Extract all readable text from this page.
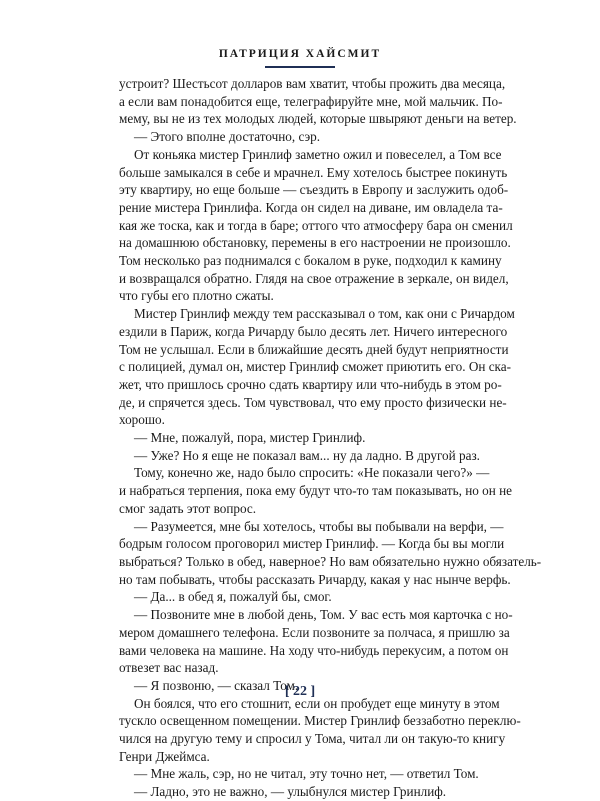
ПАТРИЦИЯ ХАЙСМИТ
устроит? Шестьсот долларов вам хватит, чтобы прожить два месяца,
а если вам понадобится еще, телеграфируйте мне, мой мальчик. По-
мему, вы не из тех молодых людей, которые швыряют деньги на ветер.
— Этого вполне достаточно, сэр.
От коньяка мистер Гринлиф заметно ожил и повеселел, а Том все
больше замыкался в себе и мрачнел. Ему хотелось быстрее покинуть
эту квартиру, но еще больше — съездить в Европу и заслужить одоб-
рение мистера Гринлифа. Когда он сидел на диване, им овладела та-
кая же тоска, как и тогда в баре; оттого что атмосферу бара он сменил
на домашнюю обстановку, перемены в его настроении не произошло.
Том несколько раз поднимался с бокалом в руке, подходил к камину
и возвращался обратно. Глядя на свое отражение в зеркале, он видел,
что губы его плотно сжаты.
Мистер Гринлиф между тем рассказывал о том, как они с Ричардом
ездили в Париж, когда Ричарду было десять лет. Ничего интересного
Том не услышал. Если в ближайшие десять дней будут неприятности
с полицией, думал он, мистер Гринлиф сможет приютить его. Он ска-
жет, что пришлось срочно сдать квартиру или что-нибудь в этом ро-
де, и спрячется здесь. Том чувствовал, что ему просто физически не-
хорошо.
— Мне, пожалуй, пора, мистер Гринлиф.
— Уже? Но я еще не показал вам... ну да ладно. В другой раз.
Тому, конечно же, надо было спросить: «Не показали чего?» —
и набраться терпения, пока ему будут что-то там показывать, но он не
смог задать этот вопрос.
— Разумеется, мне бы хотелось, чтобы вы побывали на верфи, —
бодрым голосом проговорил мистер Гринлиф. — Когда бы вы могли
выбраться? Только в обед, наверное? Но вам обязательно нужно обязатель-
но там побывать, чтобы рассказать Ричарду, какая у нас нынче верфь.
— Да... в обед я, пожалуй бы, смог.
— Позвоните мне в любой день, Том. У вас есть моя карточка с но-
мером домашнего телефона. Если позвоните за полчаса, я пришлю за
вами человека на машине. На ходу что-нибудь перекусим, а потом он
отвезет вас назад.
— Я позвоню, — сказал Том.
Он боялся, что его стошнит, если он пробудет еще минуту в этом
тускло освещенном помещении. Мистер Гринлиф беззаботно переклю-
чился на другую тему и спросил у Тома, читал ли он такую-то книгу
Генри Джеймса.
— Мне жаль, сэр, но не читал, эту точно нет, — ответил Том.
— Ладно, это не важно, — улыбнулся мистер Гринлиф.
[ 22 ]
